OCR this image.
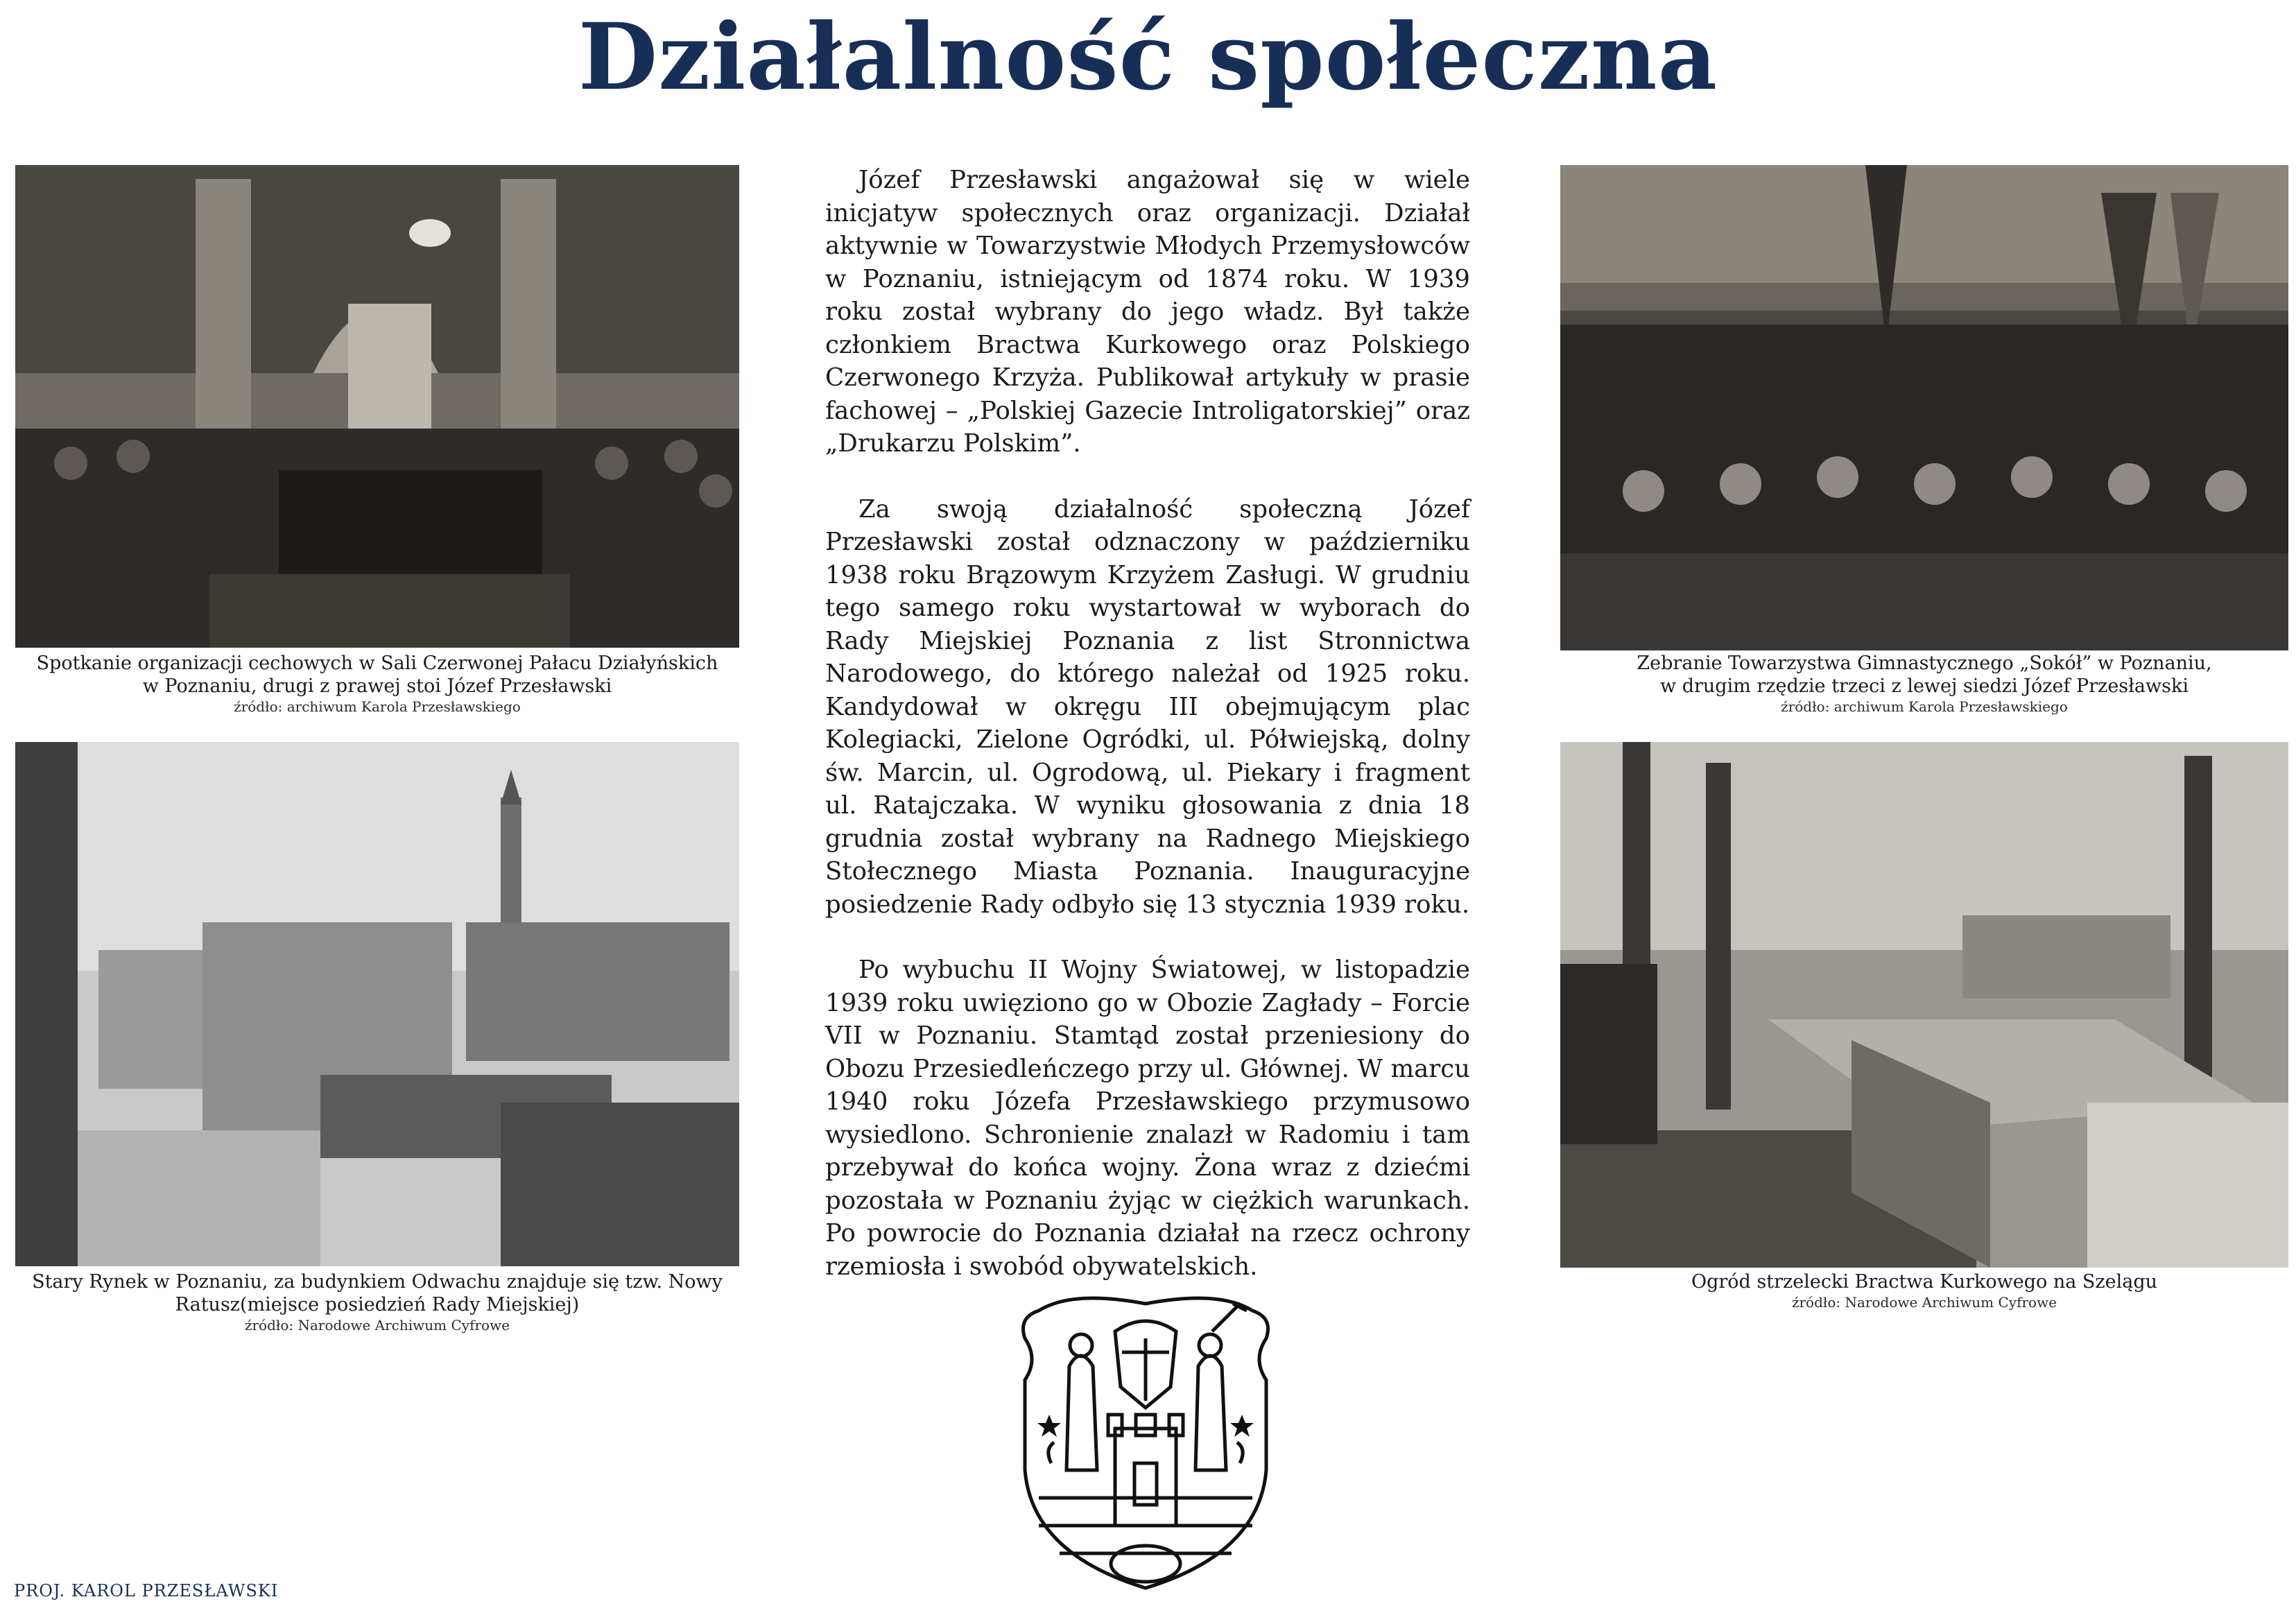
Działalność społeczna
Spotkanie organizacji cechowych w Sali Czerwonej Pałacu Działyńskich
w Poznaniu, drugi z prawej stoi Józef Przesławski
źródło: archiwum Karola Przesławskiego
Stary Rynek w Poznaniu, za budynkiem Odwachu znajduje się tzw. Nowy
Ratusz(miejsce posiedzień Rady Miejskiej)
źródło: Narodowe Archiwum Cyfrowe
Zebranie Towarzystwa Gimnastycznego „Sokół” w Poznaniu,
w drugim rzędzie trzeci z lewej siedzi Józef Przesławski
źródło: archiwum Karola Przesławskiego
Ogród strzelecki Bractwa Kurkowego na Szelągu
źródło: Narodowe Archiwum Cyfrowe

Józef Przesławski angażował się w wiele inicjatyw społecznych oraz organizacji. Działał aktywnie w Towarzystwie Młodych Przemysłowców w Poznaniu, istniejącym od 1874 roku. W 1939 roku został wybrany do jego władz. Był także członkiem Bractwa Kurkowego oraz Polskiego Czerwonego Krzyża. Publikował artykuły w prasie fachowej – „Polskiej Gazecie Introligatorskiej” oraz „Drukarzu Polskim”.

Za swoją działalność społeczną Józef Przesławski został odznaczony w październiku 1938 roku Brązowym Krzyżem Zasługi. W grudniu tego samego roku wystartował w wyborach do Rady Miejskiej Poznania z list Stronnictwa Narodowego, do którego należał od 1925 roku. Kandydował w okręgu III obejmującym plac Kolegiacki, Zielone Ogródki, ul. Półwiejską, dolny św. Marcin, ul. Ogrodową, ul. Piekary i fragment ul. Ratajczaka. W wyniku głosowania z dnia 18 grudnia został wybrany na Radnego Miejskiego Stołecznego Miasta Poznania. Inauguracyjne posiedzenie Rady odbyło się 13 stycznia 1939 roku.

Po wybuchu II Wojny Światowej, w listopadzie 1939 roku uwięziono go w Obozie Zagłady – Forcie VII w Poznaniu. Stamtąd został przeniesiony do Obozu Przesiedleńczego przy ul. Głównej. W marcu 1940 roku Józefa Przesławskiego przymusowo wysiedlono. Schronienie znalazł w Radomiu i tam przebywał do końca wojny. Żona wraz z dziećmi pozostała w Poznaniu żyjąc w ciężkich warunkach. Po powrocie do Poznania działał na rzecz ochrony rzemiosła i swobód obywatelskich.

PROJ. KAROL PRZESŁAWSKI
